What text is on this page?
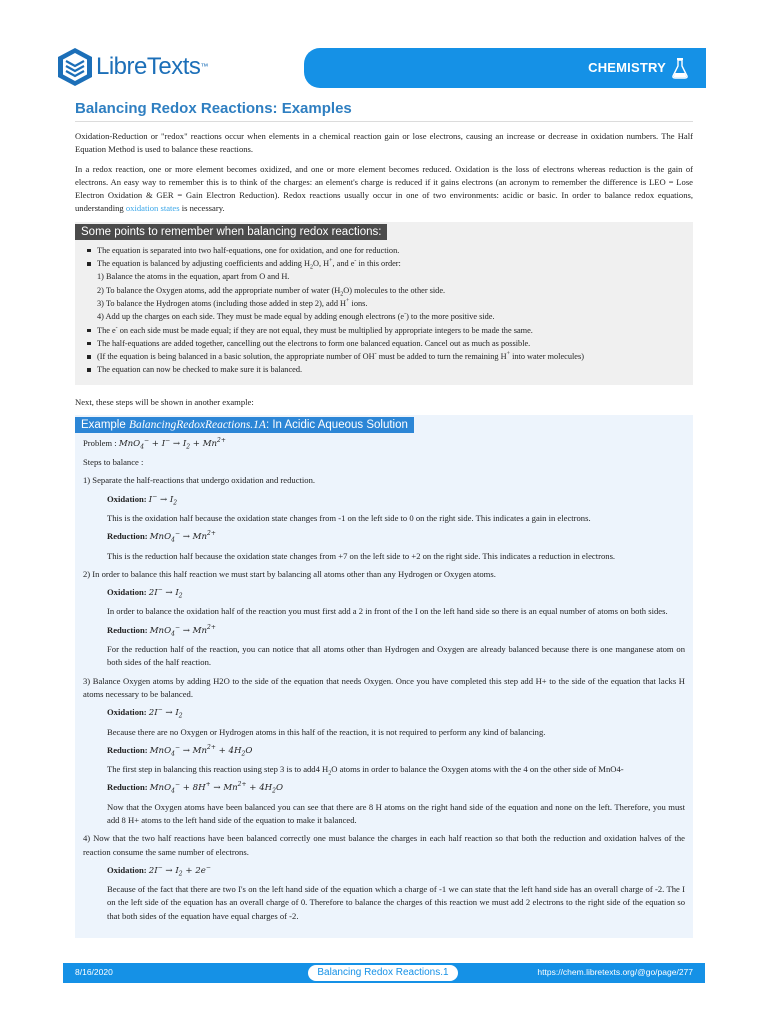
LibreTexts ™	CHEMISTRY
Balancing Redox Reactions: Examples

Oxidation-Reduction or "redox" reactions occur when elements in a chemical reaction gain or lose electrons, causing an increase or decrease in oxidation numbers. The Half Equation Method is used to balance these reactions.

In a redox reaction, one or more element becomes oxidized, and one or more element becomes reduced. Oxidation is the loss of electrons whereas reduction is the gain of electrons. An easy way to remember this is to think of the charges: an element's charge is reduced if it gains electrons (an acronym to remember the difference is LEO = Lose Electron Oxidation & GER = Gain Electron Reduction). Redox reactions usually occur in one of two environments: acidic or basic. In order to balance redox equations, understanding oxidation states is necessary.

Some points to remember when balancing redox reactions:
The equation is separated into two half-equations, one for oxidation, and one for reduction.
The equation is balanced by adjusting coefficients and adding $H_2O$, H+, and e- in this order:
1) Balance the atoms in the equation, apart from O and H.
2) To balance the Oxygen atoms, add the appropriate number of water $(H_2O)$ molecules to the other side.
3) To balance the Hydrogen atoms (including those added in step 2), add H+ ions.
4) Add up the charges on each side. They must be made equal by adding enough electrons (e-) to the more positive side.
The e- on each side must be made equal; if they are not equal, they must be multiplied by appropriate integers to be made the same.
The half-equations are added together, cancelling out the electrons to form one balanced equation. Cancel out as much as possible.
(If the equation is being balanced in a basic solution, the appropriate number of OH- must be added to turn the remaining H+ into water molecules)
The equation can now be checked to make sure it is balanced.

Next, these steps will be shown in another example:

Example BalancingRedoxReactions.1A: In Acidic Aqueous Solution
Problem : $MnO_4^- + I^- \to I_2 + Mn^{2+}$
Steps to balance :
1) Separate the half-reactions that undergo oxidation and reduction.
Oxidation: $I^- \to I_2$
This is the oxidation half because the oxidation state changes from -1 on the left side to 0 on the right side. This indicates a gain in electrons.
Reduction: $MnO_4^- \to Mn^{2+}$
This is the reduction half because the oxidation state changes from +7 on the left side to +2 on the right side. This indicates a reduction in electrons.
2) In order to balance this half reaction we must start by balancing all atoms other than any Hydrogen or Oxygen atoms.
Oxidation: $2I^- \to I_2$
In order to balance the oxidation half of the reaction you must first add a 2 in front of the I on the left hand side so there is an equal number of atoms on both sides.
Reduction: $MnO_4^- \to Mn^{2+}$
For the reduction half of the reaction, you can notice that all atoms other than Hydrogen and Oxygen are already balanced because there is one manganese atom on both sides of the half reaction.
3) Balance Oxygen atoms by adding H2O to the side of the equation that needs Oxygen. Once you have completed this step add H+ to the side of the equation that lacks H atoms necessary to be balanced.
Oxidation: $2I^- \to I_2$
Because there are no Oxygen or Hydrogen atoms in this half of the reaction, it is not required to perform any kind of balancing.
Reduction: $MnO_4^- \to Mn^{2+} + 4H_2O$
The first step in balancing this reaction using step 3 is to add4 $H_2O$ atoms in order to balance the Oxygen atoms with the 4 on the other side of MnO4-
Reduction: $MnO_4^- + 8H^+ \to Mn^{2+} + 4H_2O$
Now that the Oxygen atoms have been balanced you can see that there are 8 H atoms on the right hand side of the equation and none on the left. Therefore, you must add 8 H+ atoms to the left hand side of the equation to make it balanced.
4) Now that the two half reactions have been balanced correctly one must balance the charges in each half reaction so that both the reduction and oxidation halves of the reaction consume the same number of electrons.
Oxidation: $2I^- \to I_2 + 2e^-$
Because of the fact that there are two I's on the left hand side of the equation which a charge of -1 we can state that the left hand side has an overall charge of -2. The I on the left side of the equation has an overall charge of 0. Therefore to balance the charges of this reaction we must add 2 electrons to the right side of the equation so that both sides of the equation have equal charges of -2.
8/16/2020	Balancing Redox Reactions.1	https://chem.libretexts.org/@go/page/277
